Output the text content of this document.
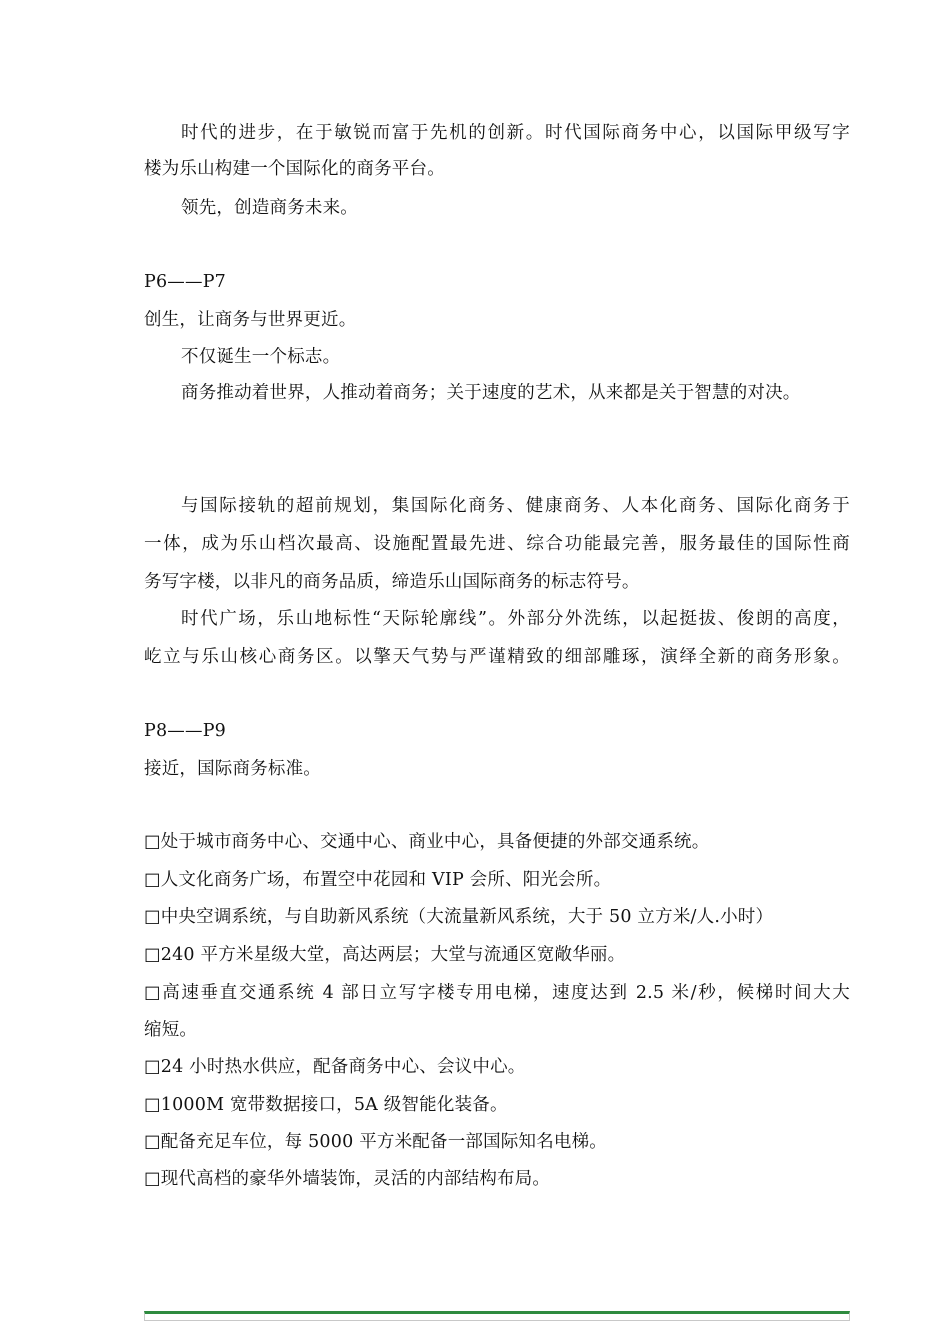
时代的进步，在于敏锐而富于先机的创新。时代国际商务中心，以国际甲级写字
楼为乐山构建一个国际化的商务平台。
领先，创造商务未来。
P6——P7
创生，让商务与世界更近。
不仅诞生一个标志。
商务推动着世界，人推动着商务；关于速度的艺术，从来都是关于智慧的对决。
与国际接轨的超前规划，集国际化商务、健康商务、人本化商务、国际化商务于
一体，成为乐山档次最高、设施配置最先进、综合功能最完善，服务最佳的国际性商
务写字楼，以非凡的商务品质，缔造乐山国际商务的标志符号。
时代广场，乐山地标性“天际轮廓线”。外部分外洗练，以起挺拔、俊朗的高度，
屹立与乐山核心商务区。以擎天气势与严谨精致的细部雕琢，演绎全新的商务形象。
P8——P9
接近，国际商务标准。
□处于城市商务中心、交通中心、商业中心，具备便捷的外部交通系统。
□人文化商务广场，布置空中花园和 VIP 会所、阳光会所。
□中央空调系统，与自助新风系统（大流量新风系统，大于 50 立方米/人.小时）
□240 平方米星级大堂，高达两层；大堂与流通区宽敞华丽。
□高速垂直交通系统 4 部日立写字楼专用电梯，速度达到 2.5 米/秒，候梯时间大大
缩短。
□24 小时热水供应，配备商务中心、会议中心。
□1000M 宽带数据接口，5A 级智能化装备。
□配备充足车位，每 5000 平方米配备一部国际知名电梯。
□现代高档的豪华外墙装饰，灵活的内部结构布局。
